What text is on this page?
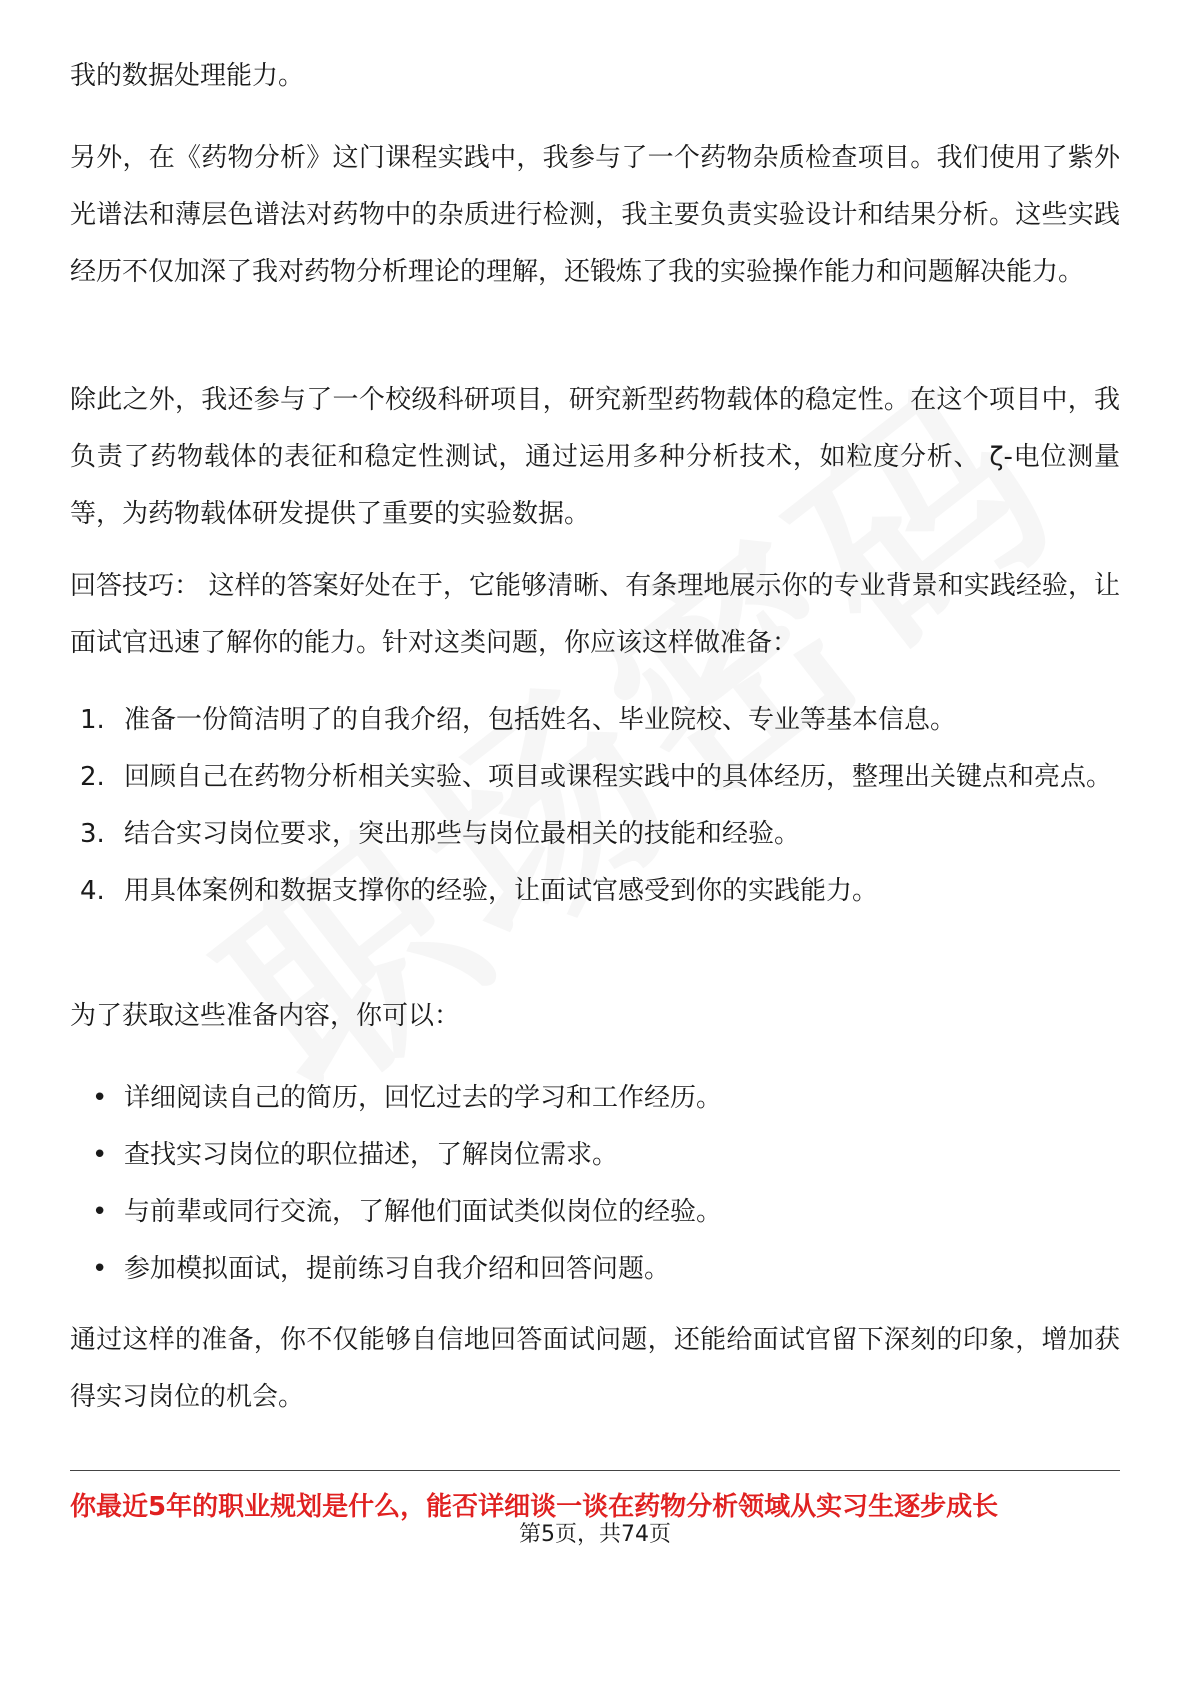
我的数据处理能力。

另外，在《药物分析》这门课程实践中，我参与了一个药物杂质检查项目。我们使用了紫外光谱法和薄层色谱法对药物中的杂质进行检测，我主要负责实验设计和结果分析。这些实践经历不仅加深了我对药物分析理论的理解，还锻炼了我的实验操作能力和问题解决能力。

除此之外，我还参与了一个校级科研项目，研究新型药物载体的稳定性。在这个项目中，我负责了药物载体的表征和稳定性测试，通过运用多种分析技术，如粒度分析、 ζ-电位测量等，为药物载体研发提供了重要的实验数据。

回答技巧： 这样的答案好处在于，它能够清晰、有条理地展示你的专业背景和实践经验，让面试官迅速了解你的能力。针对这类问题，你应该这样做准备：

1. 准备一份简洁明了的自我介绍，包括姓名、毕业院校、专业等基本信息。
2. 回顾自己在药物分析相关实验、项目或课程实践中的具体经历，整理出关键点和亮点。
3. 结合实习岗位要求，突出那些与岗位最相关的技能和经验。
4. 用具体案例和数据支撑你的经验，让面试官感受到你的实践能力。

为了获取这些准备内容，你可以：

• 详细阅读自己的简历，回忆过去的学习和工作经历。
• 查找实习岗位的职位描述，了解岗位需求。
• 与前辈或同行交流，了解他们面试类似岗位的经验。
• 参加模拟面试，提前练习自我介绍和回答问题。

通过这样的准备，你不仅能够自信地回答面试问题，还能给面试官留下深刻的印象，增加获得实习岗位的机会。

你最近5年的职业规划是什么，能否详细谈一谈在药物分析领域从实习生逐步成长
第5页，共74页
